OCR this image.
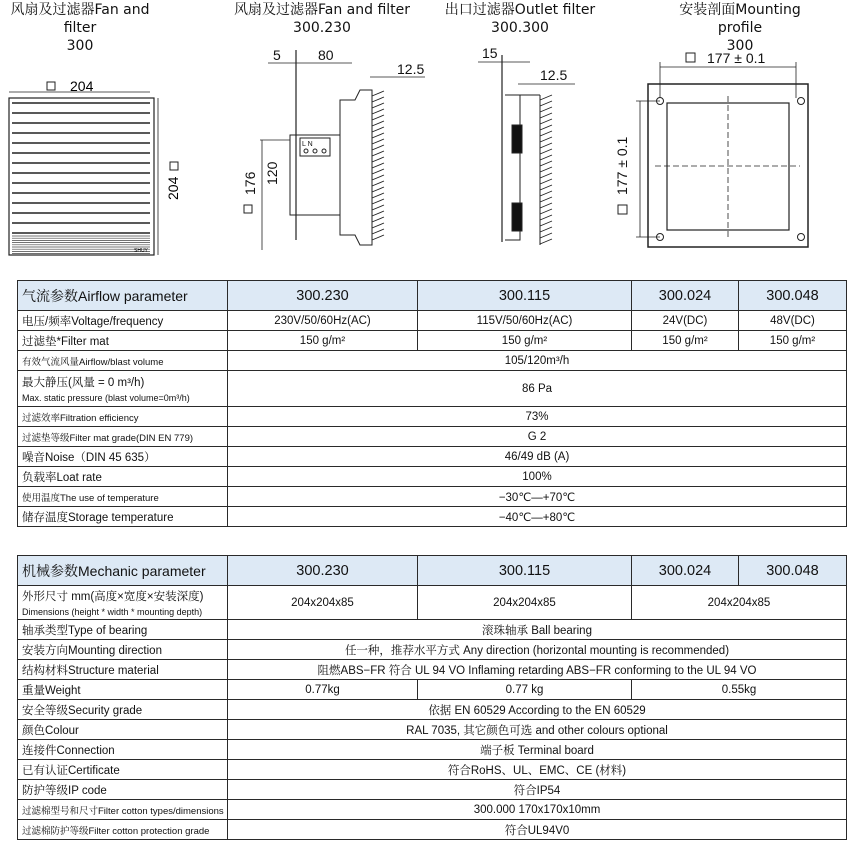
风扇及过滤器Fan and filter
300
风扇及过滤器Fan and filter
300.230
出口过滤器Outlet filter
300.300
安装剖面Mounting profile
300
204
SHUY
204
5	80
12.5
L N
176 120
15
12.5
177 ± 0.1
177 ± 0.1
气流参数Airflow parameter	300.230	300.115	300.024	300.048
电压/频率Voltage/frequency	230V/50/60Hz(AC)	115V/50/60Hz(AC)	24V(DC)	48V(DC)
过滤垫*Filter mat	150 g/m²	150 g/m²	150 g/m²	150 g/m²
有效气流风量Airflow/blast volume	105/120m³/h			
最大静压(风量 = 0 m³/h)
Max. static pressure (blast volume=0m³/h)	86 Pa			
过滤效率Filtration efficiency	73%			
过滤垫等级Filter mat grade(DIN EN 779)	G 2			
噪音Noise（DIN 45 635）	46/49 dB (A)			
负载率Loat rate	100%			
使用温度The use of temperature	−30℃—+70℃			
储存温度Storage temperature	−40℃—+80℃			
机械参数Mechanic parameter	300.230	300.115	300.024	300.048
外形尺寸 mm(高度×宽度×安装深度)
Dimensions (height * width * mounting depth)	204x204x85	204x204x85	204x204x85	
轴承类型Type of bearing	滚珠轴承 Ball bearing			
安装方向Mounting direction	任一种，推荐水平方式 Any direction (horizontal mounting is recommended)			
结构材料Structure material	阻燃ABS−FR 符合 UL 94 VO Inflaming retarding ABS−FR conforming to the UL 94 VO			
重量Weight	0.77kg	0.77 kg	0.55kg	
安全等级Security grade	依据 EN 60529 According to the EN 60529			
颜色Colour	RAL 7035, 其它颜色可选 and other colours optional			
连接件Connection	端子板 Terminal board			
已有认证Certificate	符合RoHS、UL、EMC、CE (材料)			
防护等级IP code	符合IP54			
过滤棉型号和尺寸Filter cotton types/dimensions	300.000 170x170x10mm			
过滤棉防护等级Filter cotton protection grade	符合UL94V0			
